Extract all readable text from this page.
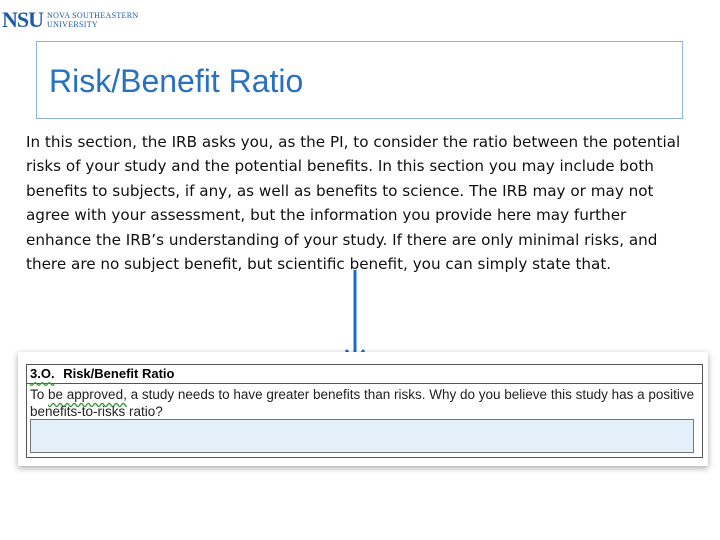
NSU NOVA SOUTHEASTERN
UNIVERSITY
Risk/Benefit Ratio

In this section, the IRB asks you, as the PI, to consider the ratio between the potential risks of your study and the potential benefits. In this section you may include both benefits to subjects, if any, as well as benefits to science. The IRB may or may not agree with your assessment, but the information you provide here may further enhance the IRB’s understanding of your study. If there are only minimal risks, and there are no subject benefit, but scientific benefit, you can simply state that.

3.O. Risk/Benefit Ratio
To be approved, a study needs to have greater benefits than risks. Why do you believe this study has a positive benefits-to-risks ratio?
